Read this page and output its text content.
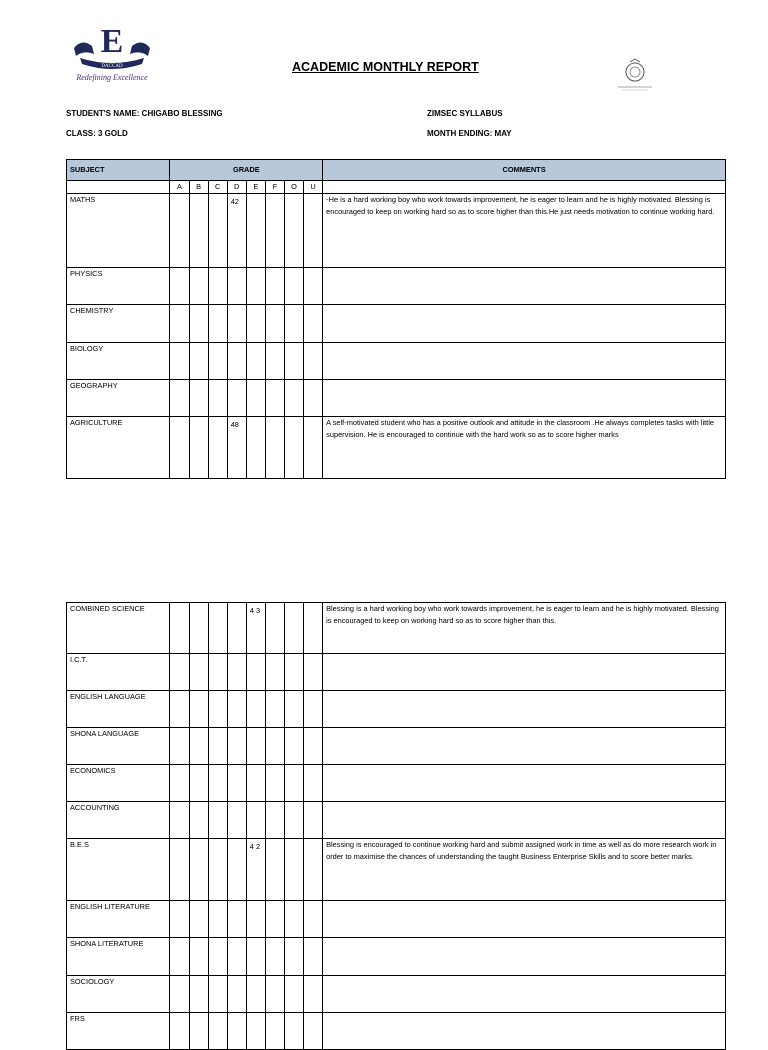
E
DACCAD
Redefining Excellence
ACADEMIC MONTHLY REPORT
STUDENT'S NAME: CHIGABO BLESSING	ZIMSEC SYLLABUS
CLASS: 3 GOLD	MONTH ENDING: MAY
SUBJECT	GRADE								COMMENTS
	A	B	C	D	E	F	O	U	
MATHS				42					-He is a hard working boy who work towards improvement, he is eager to learn and he is highly motivated. Blessing is encouraged to keep on working hard so as to score higher than this.He just needs motivation to continue working hard.
PHYSICS									
CHEMISTRY									
BIOLOGY									
GEOGRAPHY									
AGRICULTURE				48					A self-motivated student who has a positive outlook and attitude in the classroom .He always completes tasks with little supervision. He is encouraged to continue with the hard work so as to score higher marks
COMBINED SCIENCE					4 3				Blessing is a hard working boy who work towards improvement, he is eager to learn and he is highly motivated. Blessing is encouraged to keep on working hard so as to score higher than this.
I.C.T.									
ENGLISH LANGUAGE									
SHONA LANGUAGE									
ECONOMICS									
ACCOUNTING									
B.E.S					4 2				Blessing is encouraged to continue working hard and submit assigned work in time as well as do more research work in order to maximise the chances of understanding the taught Business Enterprise Skills and to score better marks.
ENGLISH LITERATURE									
SHONA LITERATURE									
SOCIOLOGY									
FRS									
